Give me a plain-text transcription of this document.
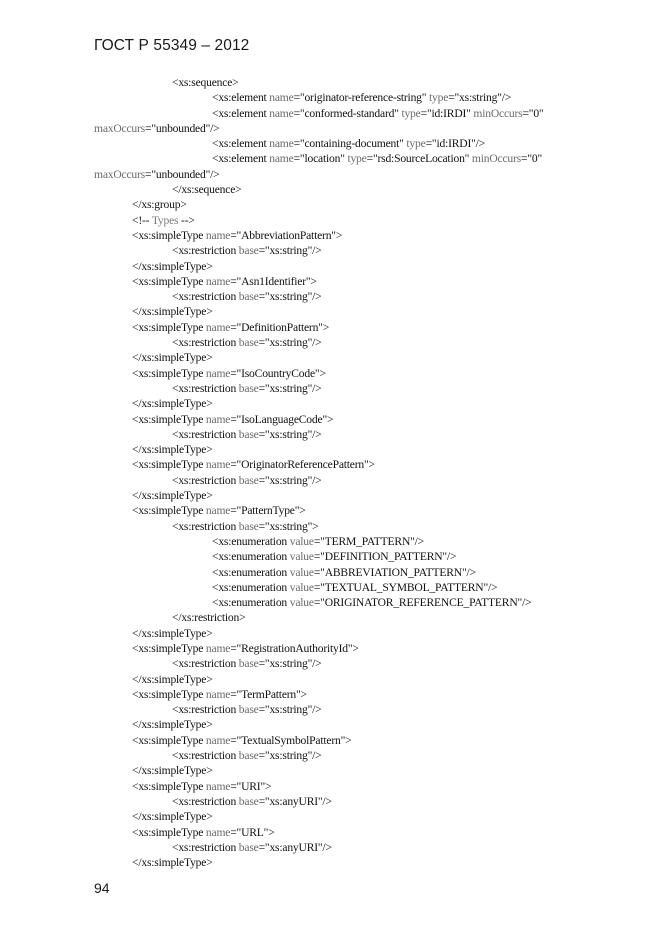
ГОСТ Р 55349 – 2012
<xs:sequence>
<xs:element name="originator-reference-string" type="xs:string"/>
<xs:element name="conformed-standard" type="id:IRDI" minOccurs="0"
maxOccurs="unbounded"/>
<xs:element name="containing-document" type="id:IRDI"/>
<xs:element name="location" type="rsd:SourceLocation" minOccurs="0"
maxOccurs="unbounded"/>
</xs:sequence>
</xs:group>
<!-- Types -->
<xs:simpleType name="AbbreviationPattern">
<xs:restriction base="xs:string"/>
</xs:simpleType>
<xs:simpleType name="Asn1Identifier">
<xs:restriction base="xs:string"/>
</xs:simpleType>
<xs:simpleType name="DefinitionPattern">
<xs:restriction base="xs:string"/>
</xs:simpleType>
<xs:simpleType name="IsoCountryCode">
<xs:restriction base="xs:string"/>
</xs:simpleType>
<xs:simpleType name="IsoLanguageCode">
<xs:restriction base="xs:string"/>
</xs:simpleType>
<xs:simpleType name="OriginatorReferencePattern">
<xs:restriction base="xs:string"/>
</xs:simpleType>
<xs:simpleType name="PatternType">
<xs:restriction base="xs:string">
<xs:enumeration value="TERM_PATTERN"/>
<xs:enumeration value="DEFINITION_PATTERN"/>
<xs:enumeration value="ABBREVIATION_PATTERN"/>
<xs:enumeration value="TEXTUAL_SYMBOL_PATTERN"/>
<xs:enumeration value="ORIGINATOR_REFERENCE_PATTERN"/>
</xs:restriction>
</xs:simpleType>
<xs:simpleType name="RegistrationAuthorityId">
<xs:restriction base="xs:string"/>
</xs:simpleType>
<xs:simpleType name="TermPattern">
<xs:restriction base="xs:string"/>
</xs:simpleType>
<xs:simpleType name="TextualSymbolPattern">
<xs:restriction base="xs:string"/>
</xs:simpleType>
<xs:simpleType name="URI">
<xs:restriction base="xs:anyURI"/>
</xs:simpleType>
<xs:simpleType name="URL">
<xs:restriction base="xs:anyURI"/>
</xs:simpleType>
94
